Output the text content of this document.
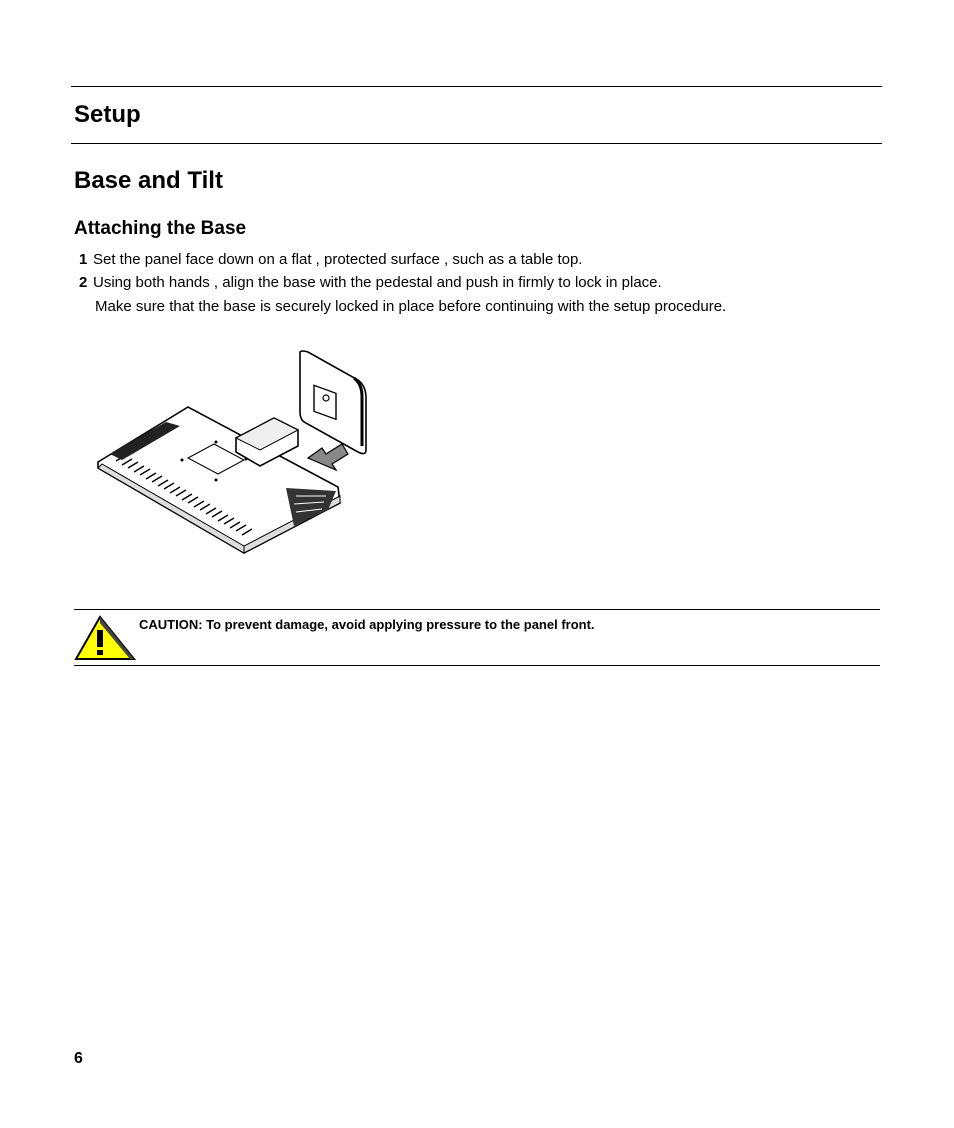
Setup
Base and Tilt
Attaching the Base
1 Set the panel face down on a flat , protected surface , such as a table top.
2 Using both hands , align the base with the pedestal and push in firmly to lock in place.
Make sure that the base is securely locked in place before continuing with the setup procedure.
CAUTION: To prevent damage, avoid applying pressure to the panel front.
6
